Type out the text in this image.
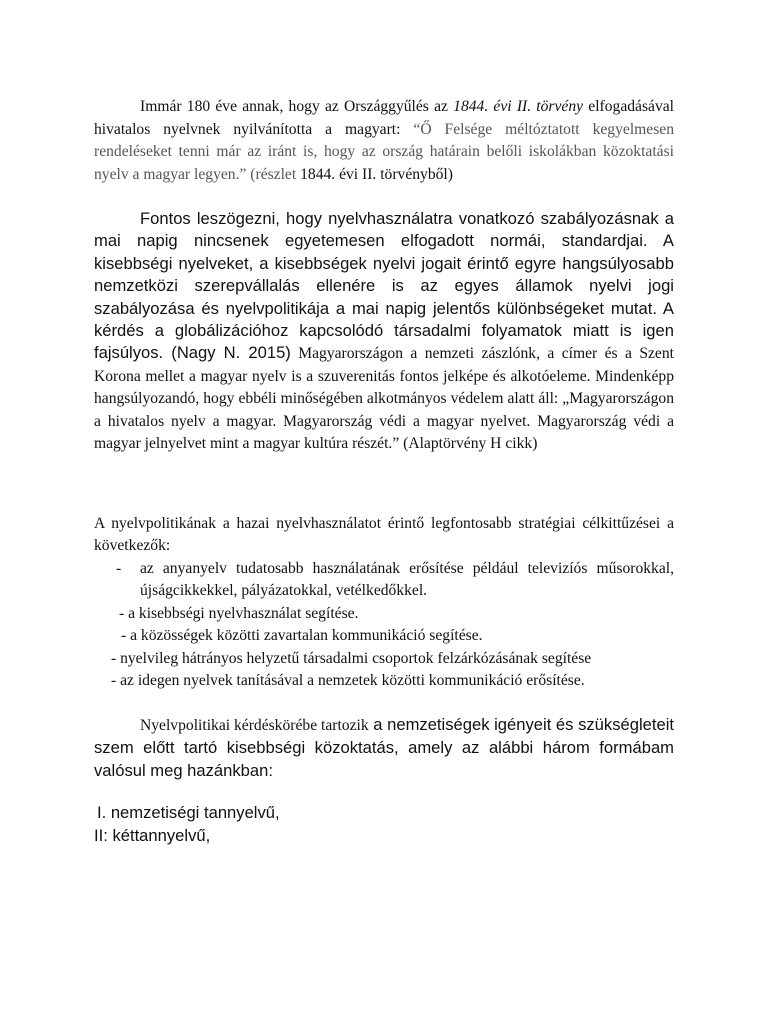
Immár 180 éve annak, hogy az Országgyűlés az 1844. évi II. törvény elfogadásával hivatalos nyelvnek nyilvánította a magyart: “Ő Felsége méltóztatott kegyelmesen rendeléseket tenni már az iránt is, hogy az ország határain belőli iskolákban közoktatási nyelv a magyar legyen.” (részlet 1844. évi II. törvényből)

Fontos leszögezni, hogy nyelvhasználatra vonatkozó szabályozásnak a mai napig nincsenek egyetemesen elfogadott normái, standardjai. A kisebbségi nyelveket, a kisebbségek nyelvi jogait érintő egyre hangsúlyosabb nemzetközi szerepvállalás ellenére is az egyes államok nyelvi jogi szabályozása és nyelvpolitikája a mai napig jelentős különbségeket mutat. A kérdés a globálizációhoz kapcsolódó társadalmi folyamatok miatt is igen fajsúlyos. (Nagy N. 2015) Magyarországon a nemzeti zászlónk, a címer és a Szent Korona mellet a magyar nyelv is a szuverenitás fontos jelképe és alkotóeleme. Mindenképp hangsúlyozandó, hogy ebbéli minőségében alkotmányos védelem alatt áll: „Magyarországon a hivatalos nyelv a magyar. Magyarország védi a magyar nyelvet. Magyarország védi a magyar jelnyelvet mint a magyar kultúra részét.” (Alaptörvény H cikk)

A nyelvpolitikának a hazai nyelvhasználatot érintő legfontosabb stratégiai célkittűzései a következők:

- az anyanyelv tudatosabb használatának erősítése például televizíós műsorokkal, újságcikkekkel, pályázatokkal, vetélkedőkkel.
- a kisebbségi nyelvhasználat segítése.
- a közösségek közötti zavartalan kommunikáció segítése.
- nyelvileg hátrányos helyzetű társadalmi csoportok felzárkózásának segítése
- az idegen nyelvek tanításával a nemzetek közötti kommunikáció erősítése.

Nyelvpolitikai kérdéskörébe tartozik a nemzetiségek igényeit és szükségleteit szem előtt tartó kisebbségi közoktatás, amely az alábbi három formábam valósul meg hazánkban:

I. nemzetiségi tannyelvű,
II: kéttannyelvű,
